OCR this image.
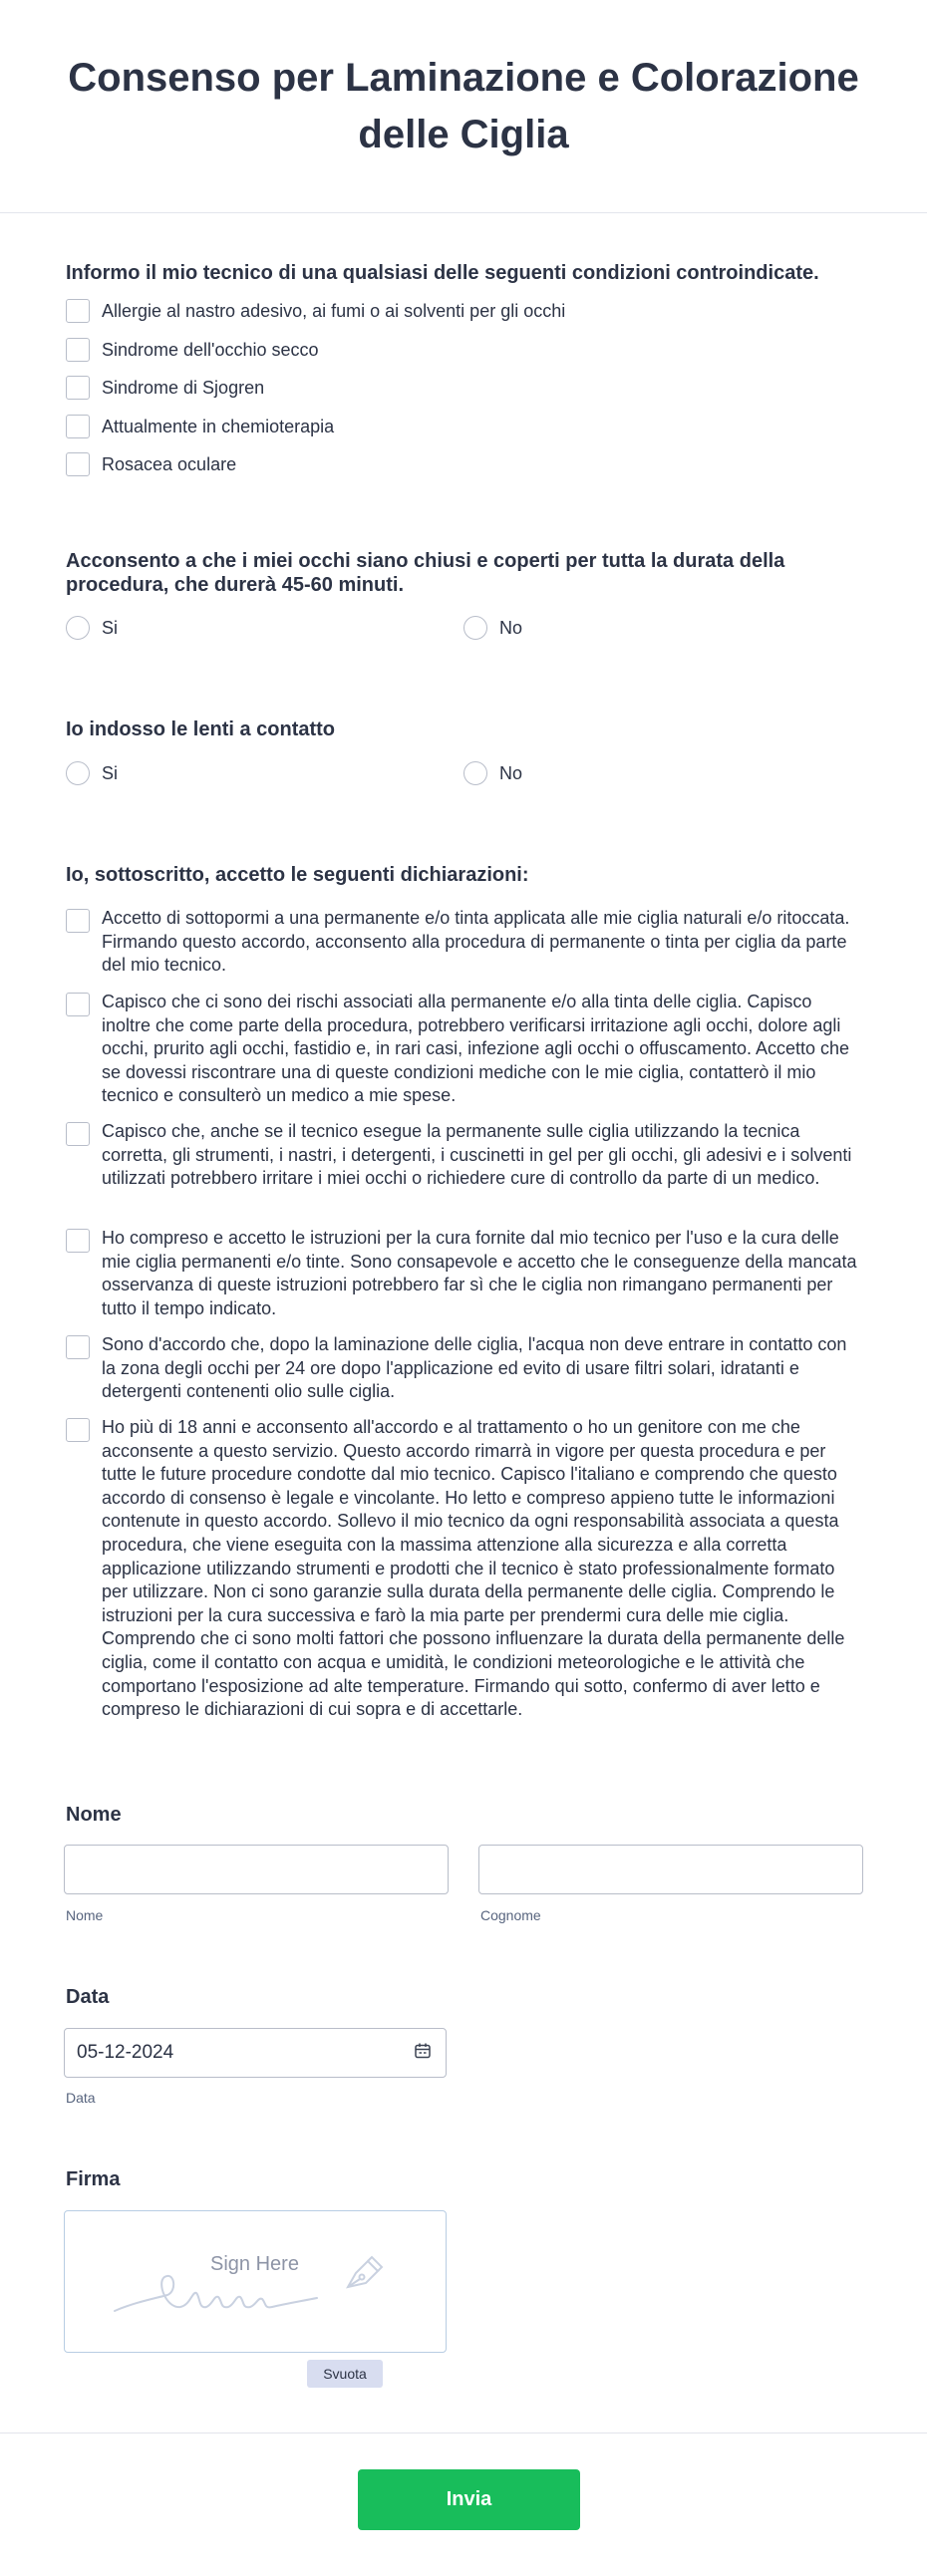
Consenso per Laminazione e Colorazione delle Ciglia
Informo il mio tecnico di una qualsiasi delle seguenti condizioni controindicate.
Allergie al nastro adesivo, ai fumi o ai solventi per gli occhi
Sindrome dell'occhio secco
Sindrome di Sjogren
Attualmente in chemioterapia
Rosacea oculare
Acconsento a che i miei occhi siano chiusi e coperti per tutta la durata della procedura, che durerà 45-60 minuti.
Si	No
Io indosso le lenti a contatto
Si	No
Io, sottoscritto, accetto le seguenti dichiarazioni:
Accetto di sottopormi a una permanente e/o tinta applicata alle mie ciglia naturali e/o ritoccata. Firmando questo accordo, acconsento alla procedura di permanente o tinta per ciglia da parte del mio tecnico.
Capisco che ci sono dei rischi associati alla permanente e/o alla tinta delle ciglia. Capisco inoltre che come parte della procedura, potrebbero verificarsi irritazione agli occhi, dolore agli occhi, prurito agli occhi, fastidio e, in rari casi, infezione agli occhi o offuscamento. Accetto che se dovessi riscontrare una di queste condizioni mediche con le mie ciglia, contatterò il mio tecnico e consulterò un medico a mie spese.
Capisco che, anche se il tecnico esegue la permanente sulle ciglia utilizzando la tecnica corretta, gli strumenti, i nastri, i detergenti, i cuscinetti in gel per gli occhi, gli adesivi e i solventi utilizzati potrebbero irritare i miei occhi o richiedere cure di controllo da parte di un medico.
Ho compreso e accetto le istruzioni per la cura fornite dal mio tecnico per l'uso e la cura delle mie ciglia permanenti e/o tinte. Sono consapevole e accetto che le conseguenze della mancata osservanza di queste istruzioni potrebbero far sì che le ciglia non rimangano permanenti per tutto il tempo indicato.
Sono d'accordo che, dopo la laminazione delle ciglia, l'acqua non deve entrare in contatto con la zona degli occhi per 24 ore dopo l'applicazione ed evito di usare filtri solari, idratanti e detergenti contenenti olio sulle ciglia.
Ho più di 18 anni e acconsento all'accordo e al trattamento o ho un genitore con me che acconsente a questo servizio. Questo accordo rimarrà in vigore per questa procedura e per tutte le future procedure condotte dal mio tecnico. Capisco l'italiano e comprendo che questo accordo di consenso è legale e vincolante. Ho letto e compreso appieno tutte le informazioni contenute in questo accordo. Sollevo il mio tecnico da ogni responsabilità associata a questa procedura, che viene eseguita con la massima attenzione alla sicurezza e alla corretta applicazione utilizzando strumenti e prodotti che il tecnico è stato professionalmente formato per utilizzare. Non ci sono garanzie sulla durata della permanente delle ciglia. Comprendo le istruzioni per la cura successiva e farò la mia parte per prendermi cura delle mie ciglia. Comprendo che ci sono molti fattori che possono influenzare la durata della permanente delle ciglia, come il contatto con acqua e umidità, le condizioni meteorologiche e le attività che comportano l'esposizione ad alte temperature. Firmando qui sotto, confermo di aver letto e compreso le dichiarazioni di cui sopra e di accettarle.
Nome
Nome	Cognome
Data
05-12-2024
Data
Firma
Sign Here
Svuota
Invia
